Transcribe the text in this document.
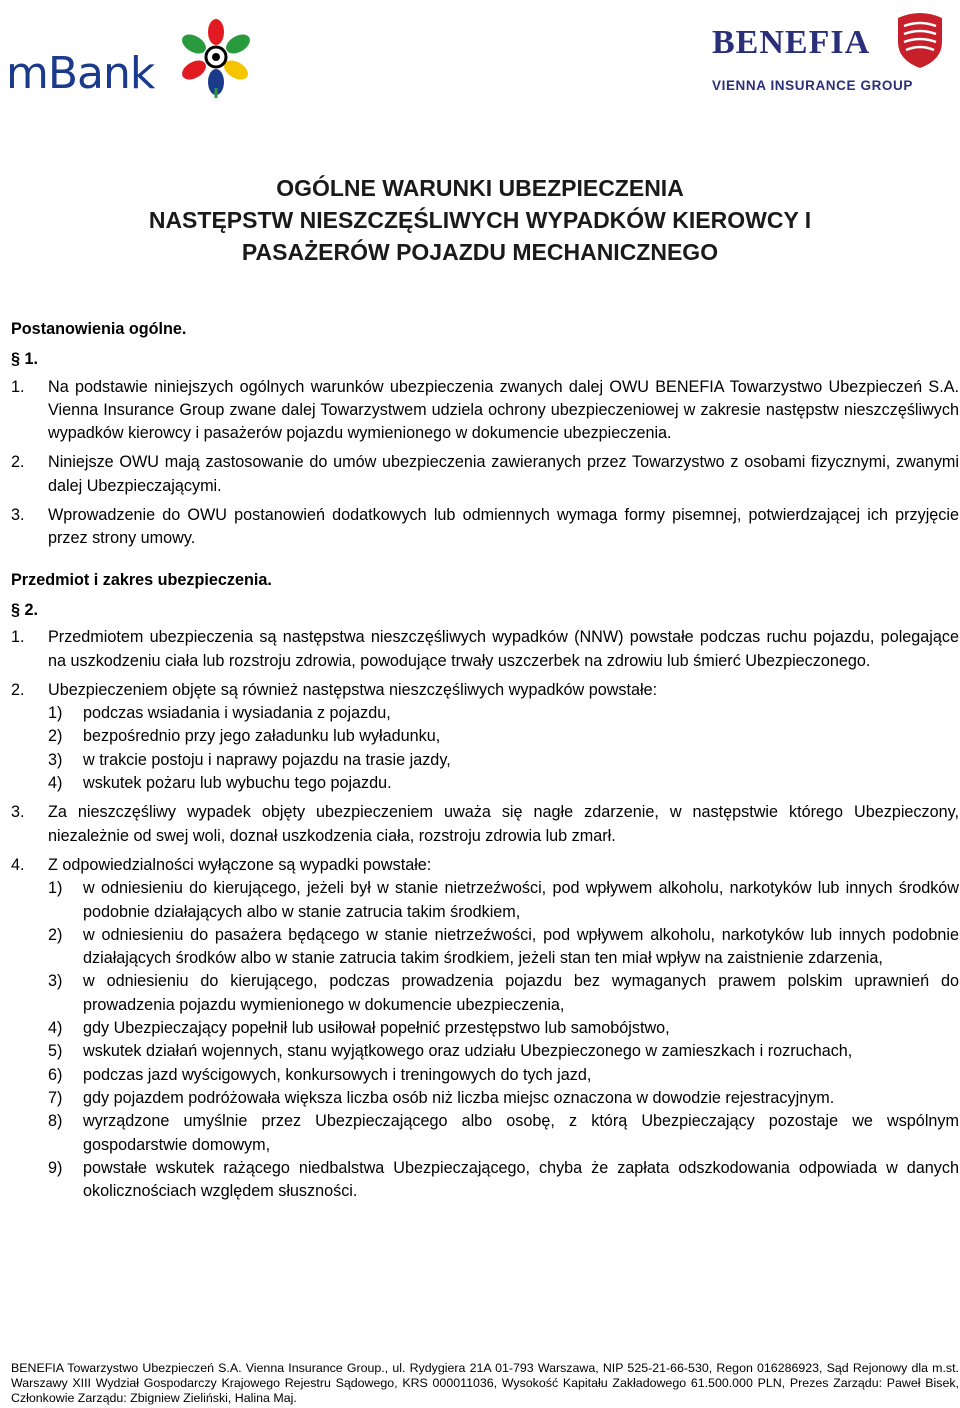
mBank
BENEFIA
VIENNA INSURANCE GROUP
OGÓLNE WARUNKI UBEZPIECZENIA
NASTĘPSTW NIESZCZĘŚLIWYCH WYPADKÓW KIEROWCY I
PASAŻERÓW POJAZDU MECHANICZNEGO

Postanowienia ogólne.

§ 1.

1.	Na podstawie niniejszych ogólnych warunków ubezpieczenia zwanych dalej OWU BENEFIA Towarzystwo Ubezpieczeń S.A. Vienna Insurance Group zwane dalej Towarzystwem udziela ochrony ubezpieczeniowej w zakresie następstw nieszczęśliwych wypadków kierowcy i pasażerów pojazdu wymienionego w dokumencie ubezpieczenia.
2.	Niniejsze OWU mają zastosowanie do umów ubezpieczenia zawieranych przez Towarzystwo z osobami fizycznymi, zwanymi dalej Ubezpieczającymi.
3.	Wprowadzenie do OWU postanowień dodatkowych lub odmiennych wymaga formy pisemnej, potwierdzającej ich przyjęcie przez strony umowy.

Przedmiot i zakres ubezpieczenia.

§ 2.

1.	Przedmiotem ubezpieczenia są następstwa nieszczęśliwych wypadków (NNW) powstałe podczas ruchu pojazdu, polegające na uszkodzeniu ciała lub rozstroju zdrowia, powodujące trwały uszczerbek na zdrowiu lub śmierć Ubezpieczonego.
2.	Ubezpieczeniem objęte są również następstwa nieszczęśliwych wypadków powstałe:
1)	podczas wsiadania i wysiadania z pojazdu,
2)	bezpośrednio przy jego załadunku lub wyładunku,
3)	w trakcie postoju i naprawy pojazdu na trasie jazdy,
4)	wskutek pożaru lub wybuchu tego pojazdu.
3.	Za nieszczęśliwy wypadek objęty ubezpieczeniem uważa się nagłe zdarzenie, w następstwie którego Ubezpieczony, niezależnie od swej woli, doznał uszkodzenia ciała, rozstroju zdrowia lub zmarł.
4.	Z odpowiedzialności wyłączone są wypadki powstałe:
1)	w odniesieniu do kierującego, jeżeli był w stanie nietrzeźwości, pod wpływem alkoholu, narkotyków lub innych środków podobnie działających albo w stanie zatrucia takim środkiem,
2)	w odniesieniu do pasażera będącego w stanie nietrzeźwości, pod wpływem alkoholu, narkotyków lub innych podobnie działających środków albo w stanie zatrucia takim środkiem, jeżeli stan ten miał wpływ na zaistnienie zdarzenia,
3)	w odniesieniu do kierującego, podczas prowadzenia pojazdu bez wymaganych prawem polskim uprawnień do prowadzenia pojazdu wymienionego w dokumencie ubezpieczenia,
4)	gdy Ubezpieczający popełnił lub usiłował popełnić przestępstwo lub samobójstwo,
5)	wskutek działań wojennych, stanu wyjątkowego oraz udziału Ubezpieczonego w zamieszkach i rozruchach,
6)	podczas jazd wyścigowych, konkursowych i treningowych do tych jazd,
7)	gdy pojazdem podróżowała większa liczba osób niż liczba miejsc oznaczona w dowodzie rejestracyjnym.
8)	wyrządzone umyślnie przez Ubezpieczającego albo osobę, z którą Ubezpieczający pozostaje we wspólnym gospodarstwie domowym,
9)	powstałe wskutek rażącego niedbalstwa Ubezpieczającego, chyba że zapłata odszkodowania odpowiada w danych okolicznościach względem słuszności.
BENEFIA Towarzystwo Ubezpieczeń S.A. Vienna Insurance Group., ul. Rydygiera 21A 01-793 Warszawa, NIP 525-21-66-530, Regon 016286923, Sąd Rejonowy dla m.st. Warszawy XIII Wydział Gospodarczy Krajowego Rejestru Sądowego, KRS 000011036, Wysokość Kapitału Zakładowego 61.500.000 PLN, Prezes Zarządu: Paweł Bisek, Członkowie Zarządu: Zbigniew Zieliński, Halina Maj.
